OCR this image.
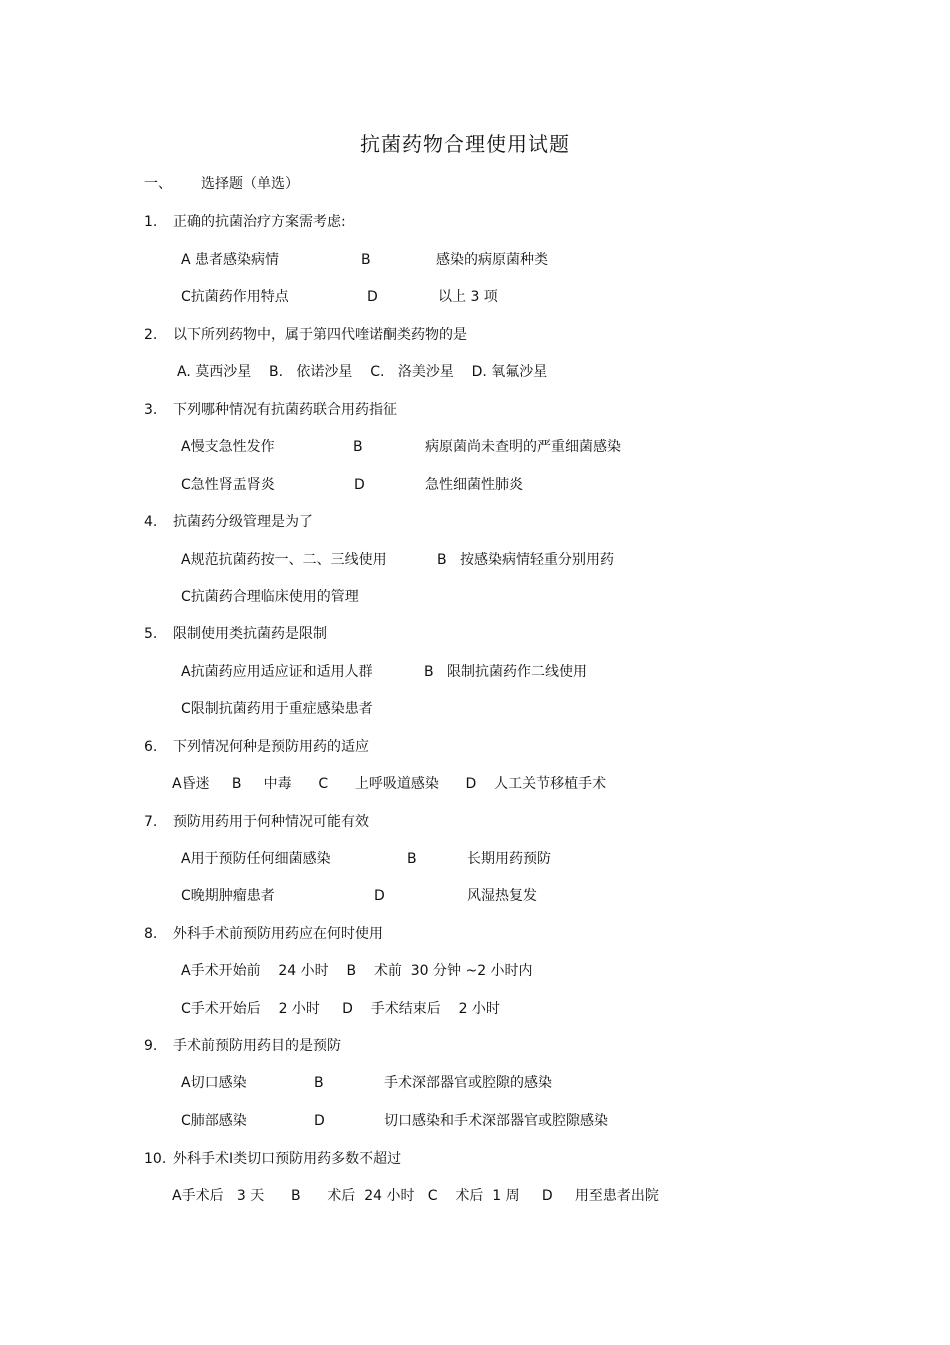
抗菌药物合理使用试题
一、 选择题（单选）
1. 正确的抗菌治疗方案需考虑:
A 患者感染病情	B	感染的病原菌种类
C抗菌药作用特点	D	以上 3 项
2. 以下所列药物中，属于第四代喹诺酮类药物的是
A. 莫西沙星    B.   依诺沙星    C.   洛美沙星    D. 氧氟沙星
3. 下列哪种情况有抗菌药联合用药指征
A慢支急性发作	B	病原菌尚未查明的严重细菌感染
C急性肾盂肾炎	D	急性细菌性肺炎
4. 抗菌药分级管理是为了
A规范抗菌药按一、二、三线使用	B   按感染病情轻重分别用药
C抗菌药合理临床使用的管理
5. 限制使用类抗菌药是限制
A抗菌药应用适应证和适用人群	B   限制抗菌药作二线使用
C限制抗菌药用于重症感染患者
6. 下列情况何种是预防用药的适应
A昏迷     B     中毒      C      上呼吸道感染      D    人工关节移植手术
7. 预防用药用于何种情况可能有效
A用于预防任何细菌感染	B	长期用药预防
C晚期肿瘤患者	D	风湿热复发
8. 外科手术前预防用药应在何时使用
A手术开始前    24 小时    B    术前  30 分钟 ~2 小时内
C手术开始后    2 小时     D    手术结束后    2 小时
9. 手术前预防用药目的是预防
A切口感染	B	手术深部器官或腔隙的感染
C肺部感染	D	切口感染和手术深部器官或腔隙感染
10. 外科手术Ⅰ类切口预防用药多数不超过
A手术后   3 天      B      术后  24 小时   C    术后  1 周     D     用至患者出院
